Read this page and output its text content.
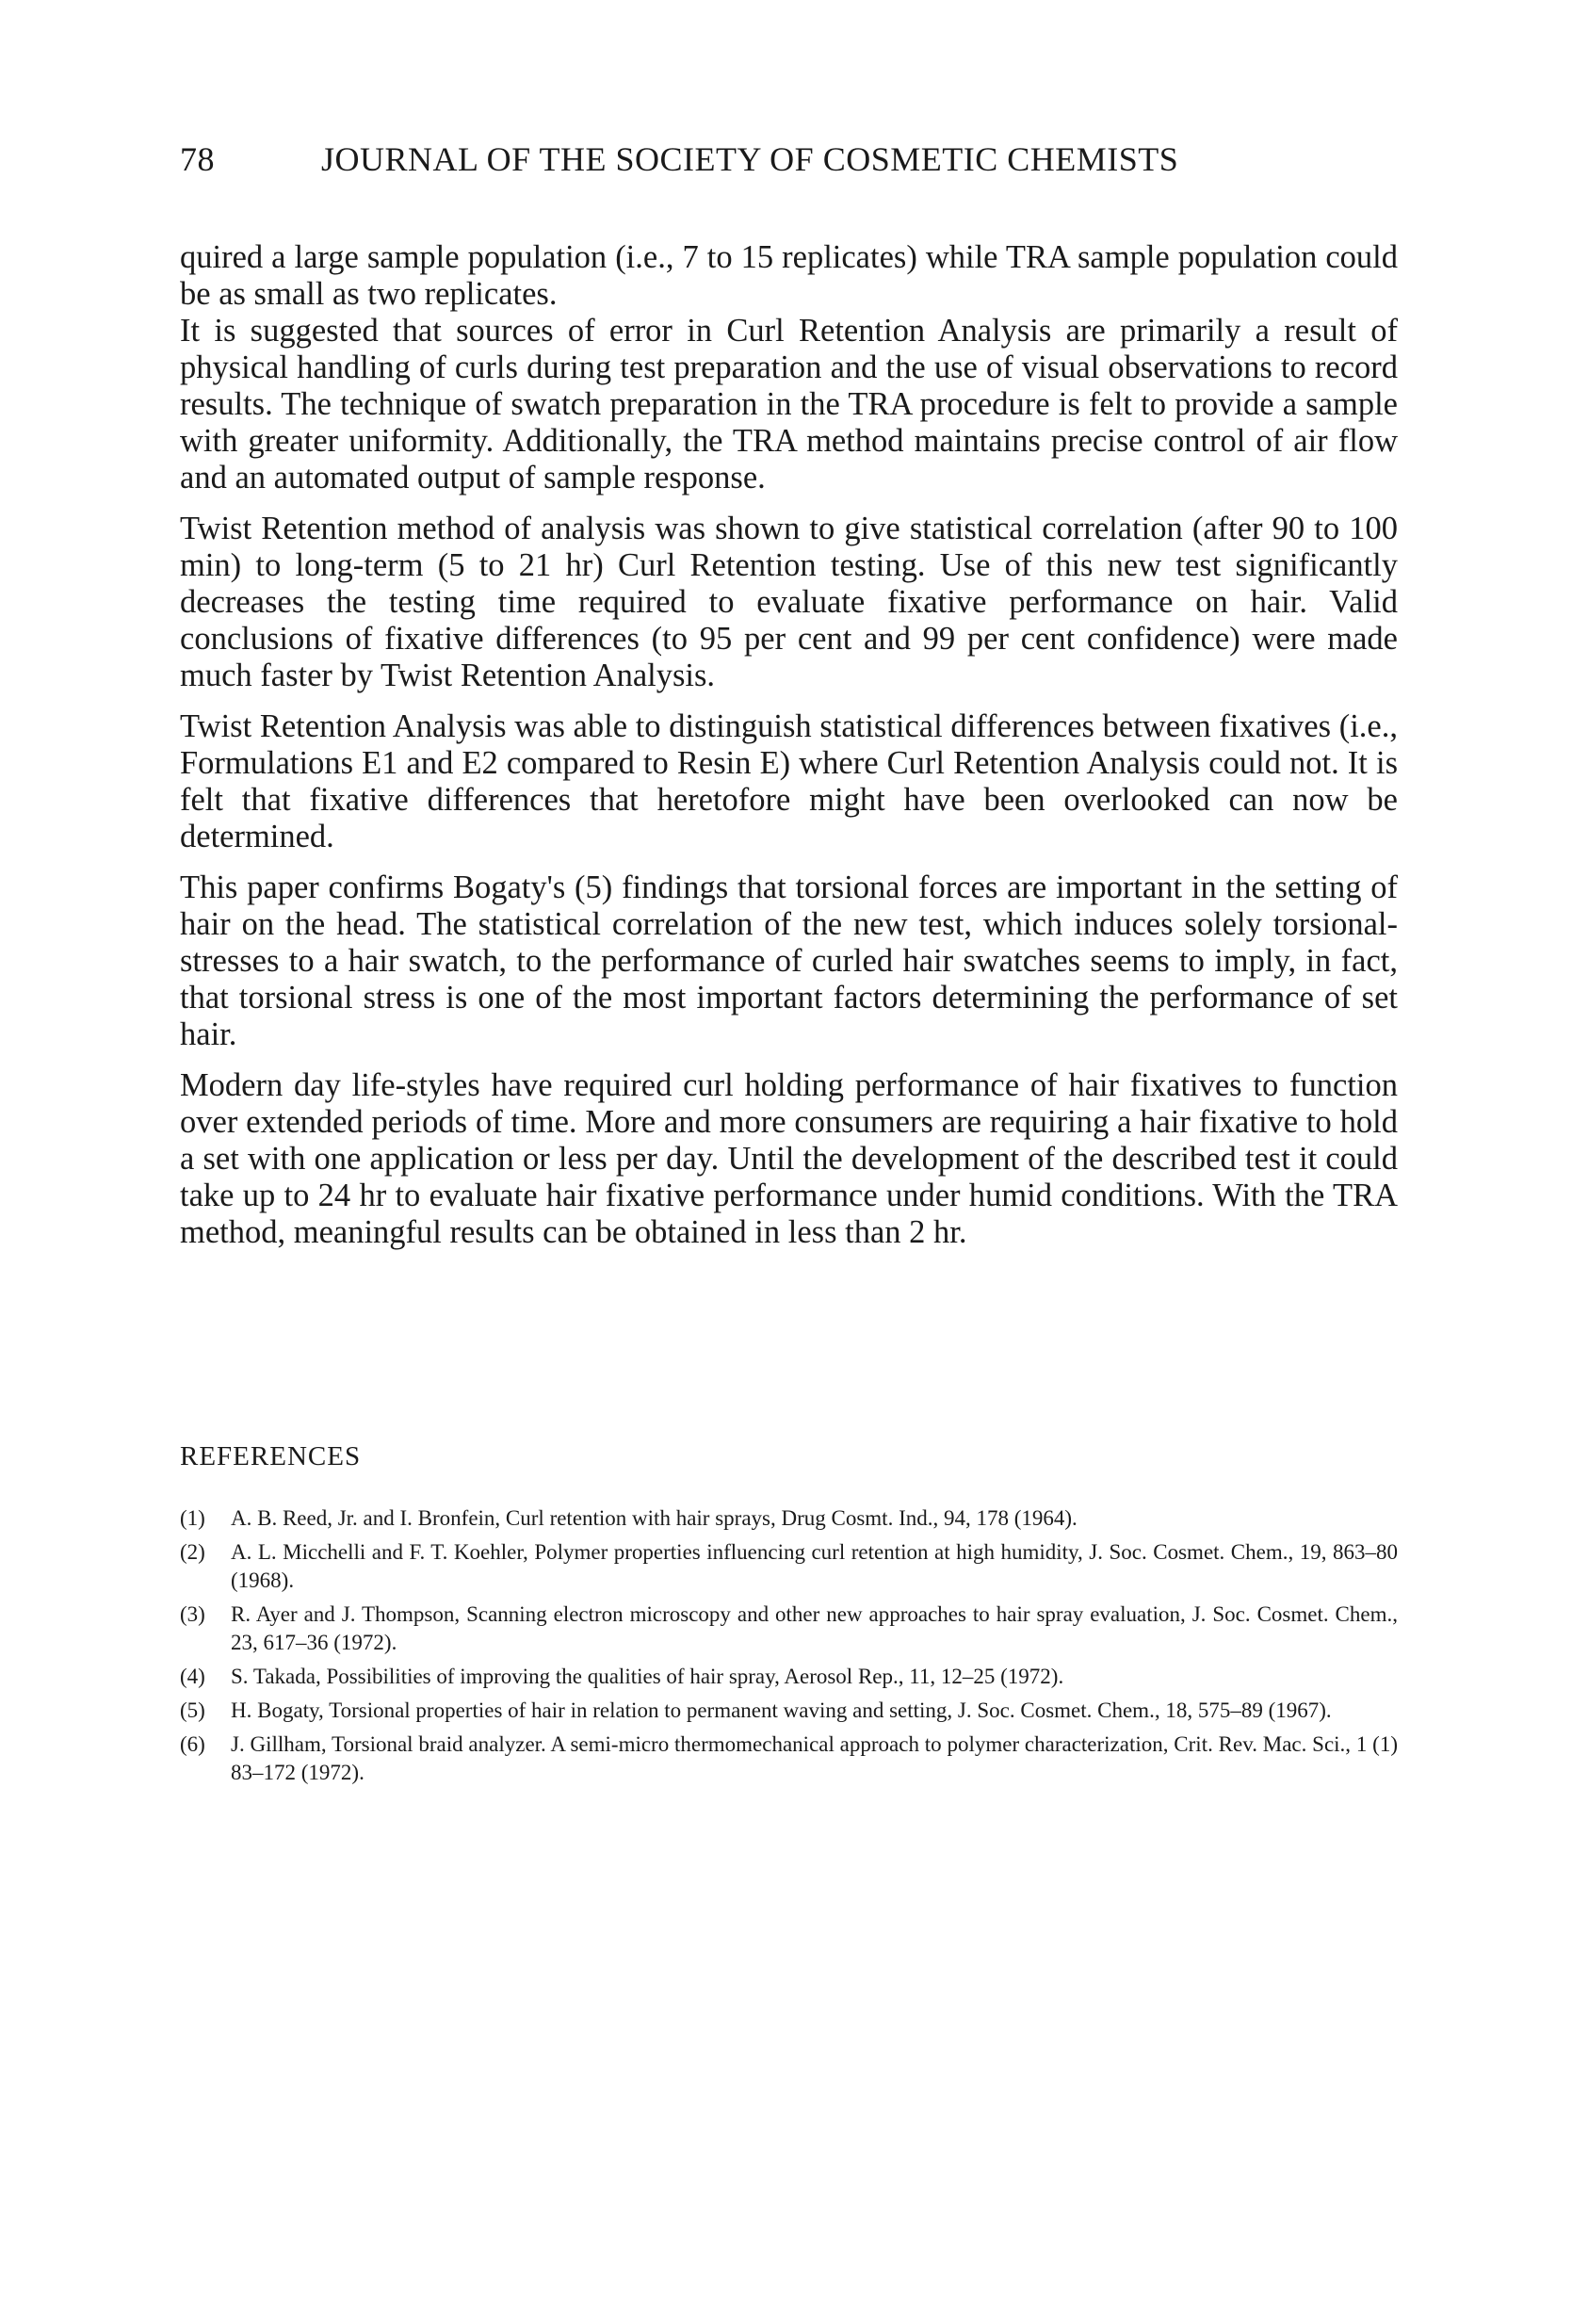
78	JOURNAL OF THE SOCIETY OF COSMETIC CHEMISTS

quired a large sample population (i.e., 7 to 15 replicates) while TRA sample population could be as small as two replicates.

It is suggested that sources of error in Curl Retention Analysis are primarily a result of physical handling of curls during test preparation and the use of visual observations to record results. The technique of swatch preparation in the TRA procedure is felt to provide a sample with greater uniformity. Additionally, the TRA method maintains precise control of air flow and an automated output of sample response.

Twist Retention method of analysis was shown to give statistical correlation (after 90 to 100 min) to long-term (5 to 21 hr) Curl Retention testing. Use of this new test significantly decreases the testing time required to evaluate fixative performance on hair. Valid conclusions of fixative differences (to 95 per cent and 99 per cent confidence) were made much faster by Twist Retention Analysis.

Twist Retention Analysis was able to distinguish statistical differences between fixatives (i.e., Formulations E1 and E2 compared to Resin E) where Curl Retention Analysis could not. It is felt that fixative differences that heretofore might have been overlooked can now be determined.

This paper confirms Bogaty's (5) findings that torsional forces are important in the setting of hair on the head. The statistical correlation of the new test, which induces solely torsional-stresses to a hair swatch, to the performance of curled hair swatches seems to imply, in fact, that torsional stress is one of the most important factors determining the performance of set hair.

Modern day life-styles have required curl holding performance of hair fixatives to function over extended periods of time. More and more consumers are requiring a hair fixative to hold a set with one application or less per day. Until the development of the described test it could take up to 24 hr to evaluate hair fixative performance under humid conditions. With the TRA method, meaningful results can be obtained in less than 2 hr.

REFERENCES
(1)	A. B. Reed, Jr. and I. Bronfein, Curl retention with hair sprays, Drug Cosmt. Ind., 94, 178 (1964).
(2)	A. L. Micchelli and F. T. Koehler, Polymer properties influencing curl retention at high humidity, J. Soc. Cosmet. Chem., 19, 863–80 (1968).
(3)	R. Ayer and J. Thompson, Scanning electron microscopy and other new approaches to hair spray evaluation, J. Soc. Cosmet. Chem., 23, 617–36 (1972).
(4)	S. Takada, Possibilities of improving the qualities of hair spray, Aerosol Rep., 11, 12–25 (1972).
(5)	H. Bogaty, Torsional properties of hair in relation to permanent waving and setting, J. Soc. Cosmet. Chem., 18, 575–89 (1967).
(6)	J. Gillham, Torsional braid analyzer. A semi-micro thermomechanical approach to polymer characterization, Crit. Rev. Mac. Sci., 1 (1) 83–172 (1972).
